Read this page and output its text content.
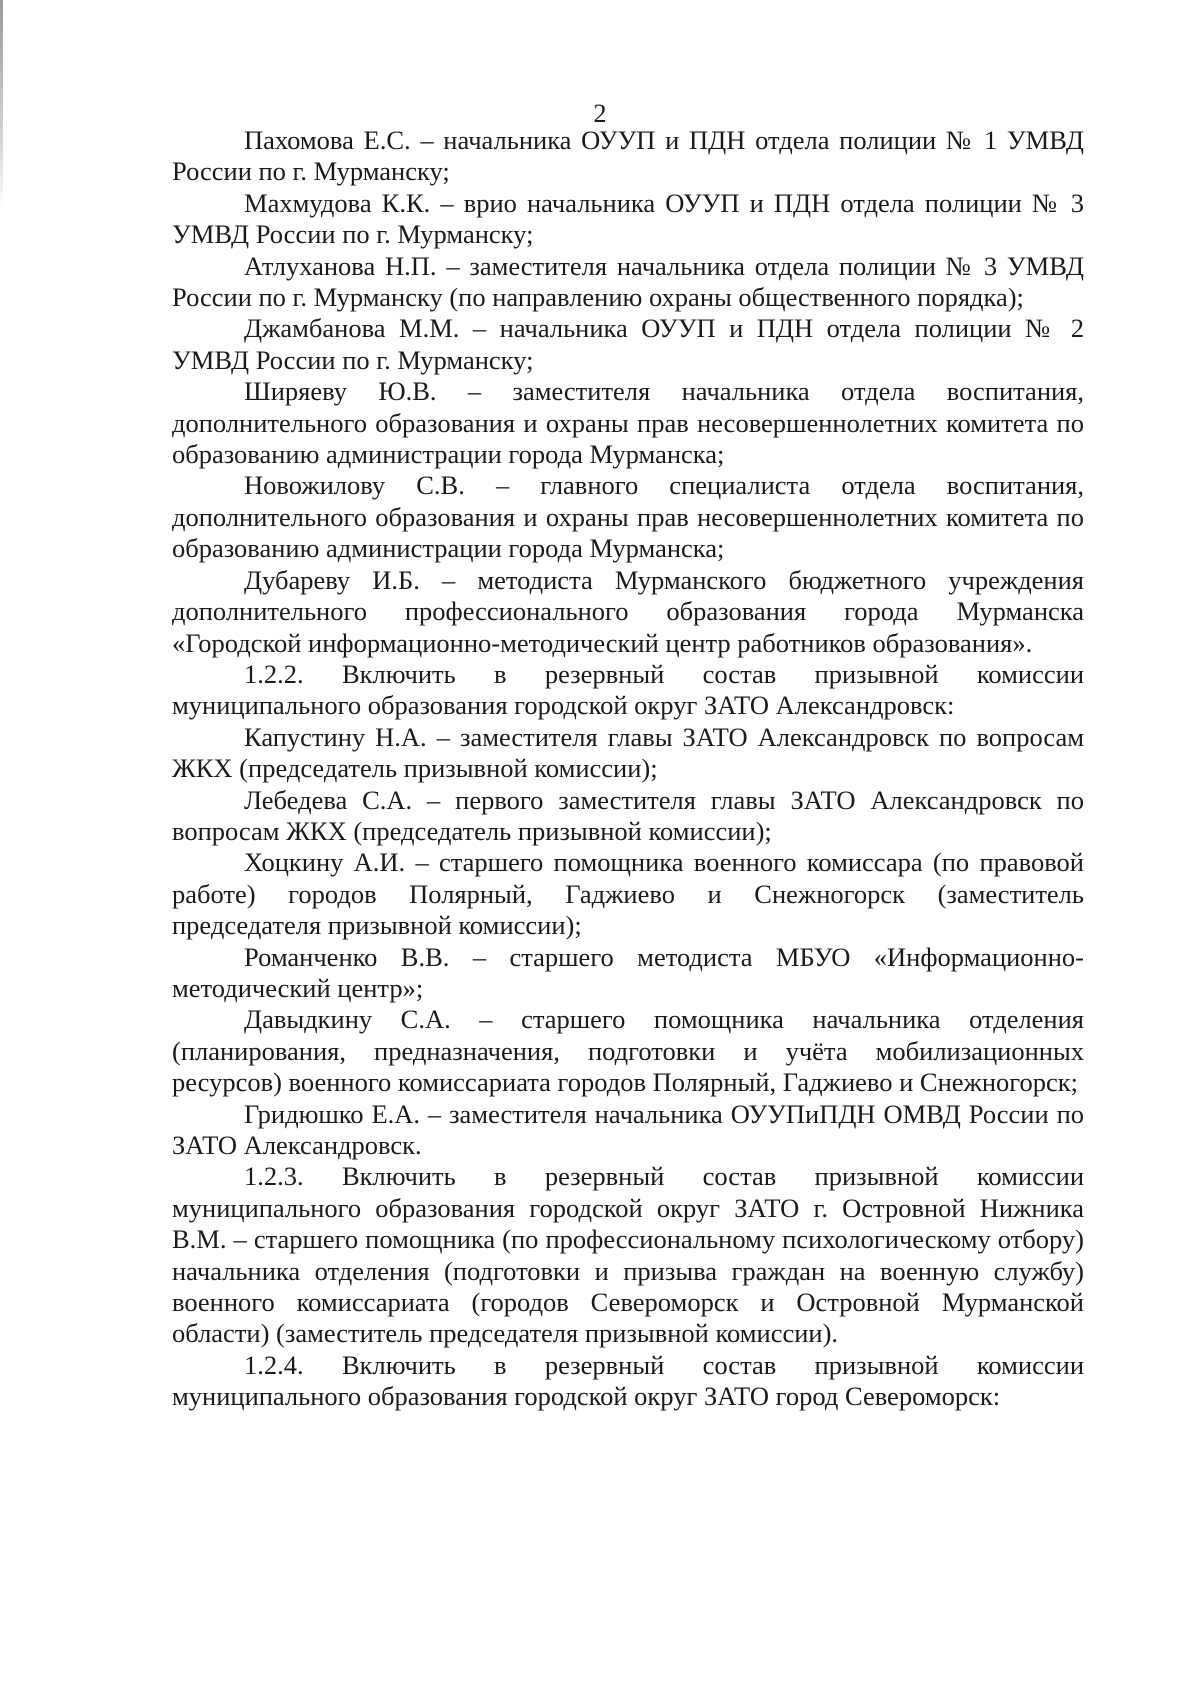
2

Пахомова Е.С. – начальника ОУУП и ПДН отдела полиции № 1 УМВД России по г. Мурманску;

Махмудова К.К. – врио начальника ОУУП и ПДН отдела полиции № 3 УМВД России по г. Мурманску;

Атлуханова Н.П. – заместителя начальника отдела полиции № 3 УМВД России по г. Мурманску (по направлению охраны общественного порядка);

Джамбанова М.М. – начальника ОУУП и ПДН отдела полиции № 2 УМВД России по г. Мурманску;

Ширяеву Ю.В. – заместителя начальника отдела воспитания, дополнительного образования и охраны прав несовершеннолетних комитета по образованию администрации города Мурманска;

Новожилову С.В. – главного специалиста отдела воспитания, дополнительного образования и охраны прав несовершеннолетних комитета по образованию администрации города Мурманска;

Дубареву И.Б. – методиста Мурманского бюджетного учреждения дополнительного профессионального образования города Мурманска «Городской информационно-методический центр работников образования».

1.2.2. Включить в резервный состав призывной комиссии муниципального образования городской округ ЗАТО Александровск:

Капустину Н.А. – заместителя главы ЗАТО Александровск по вопросам ЖКХ (председатель призывной комиссии);

Лебедева С.А. – первого заместителя главы ЗАТО Александровск по вопросам ЖКХ (председатель призывной комиссии);

Хоцкину А.И. – старшего помощника военного комиссара (по правовой работе) городов Полярный, Гаджиево и Снежногорск (заместитель председателя призывной комиссии);

Романченко В.В. – старшего методиста МБУО «Информационно-методический центр»;

Давыдкину С.А. – старшего помощника начальника отделения (планирования, предназначения, подготовки и учёта мобилизационных ресурсов) военного комиссариата городов Полярный, Гаджиево и Снежногорск;

Гридюшко Е.А. – заместителя начальника ОУУПиПДН ОМВД России по ЗАТО Александровск.

1.2.3. Включить в резервный состав призывной комиссии муниципального образования городской округ ЗАТО г. Островной Нижника В.М. – старшего помощника (по профессиональному психологическому отбору) начальника отделения (подготовки и призыва граждан на военную службу) военного комиссариата (городов Североморск и Островной Мурманской области) (заместитель председателя призывной комиссии).

1.2.4. Включить в резервный состав призывной комиссии муниципального образования городской округ ЗАТО город Североморск:
